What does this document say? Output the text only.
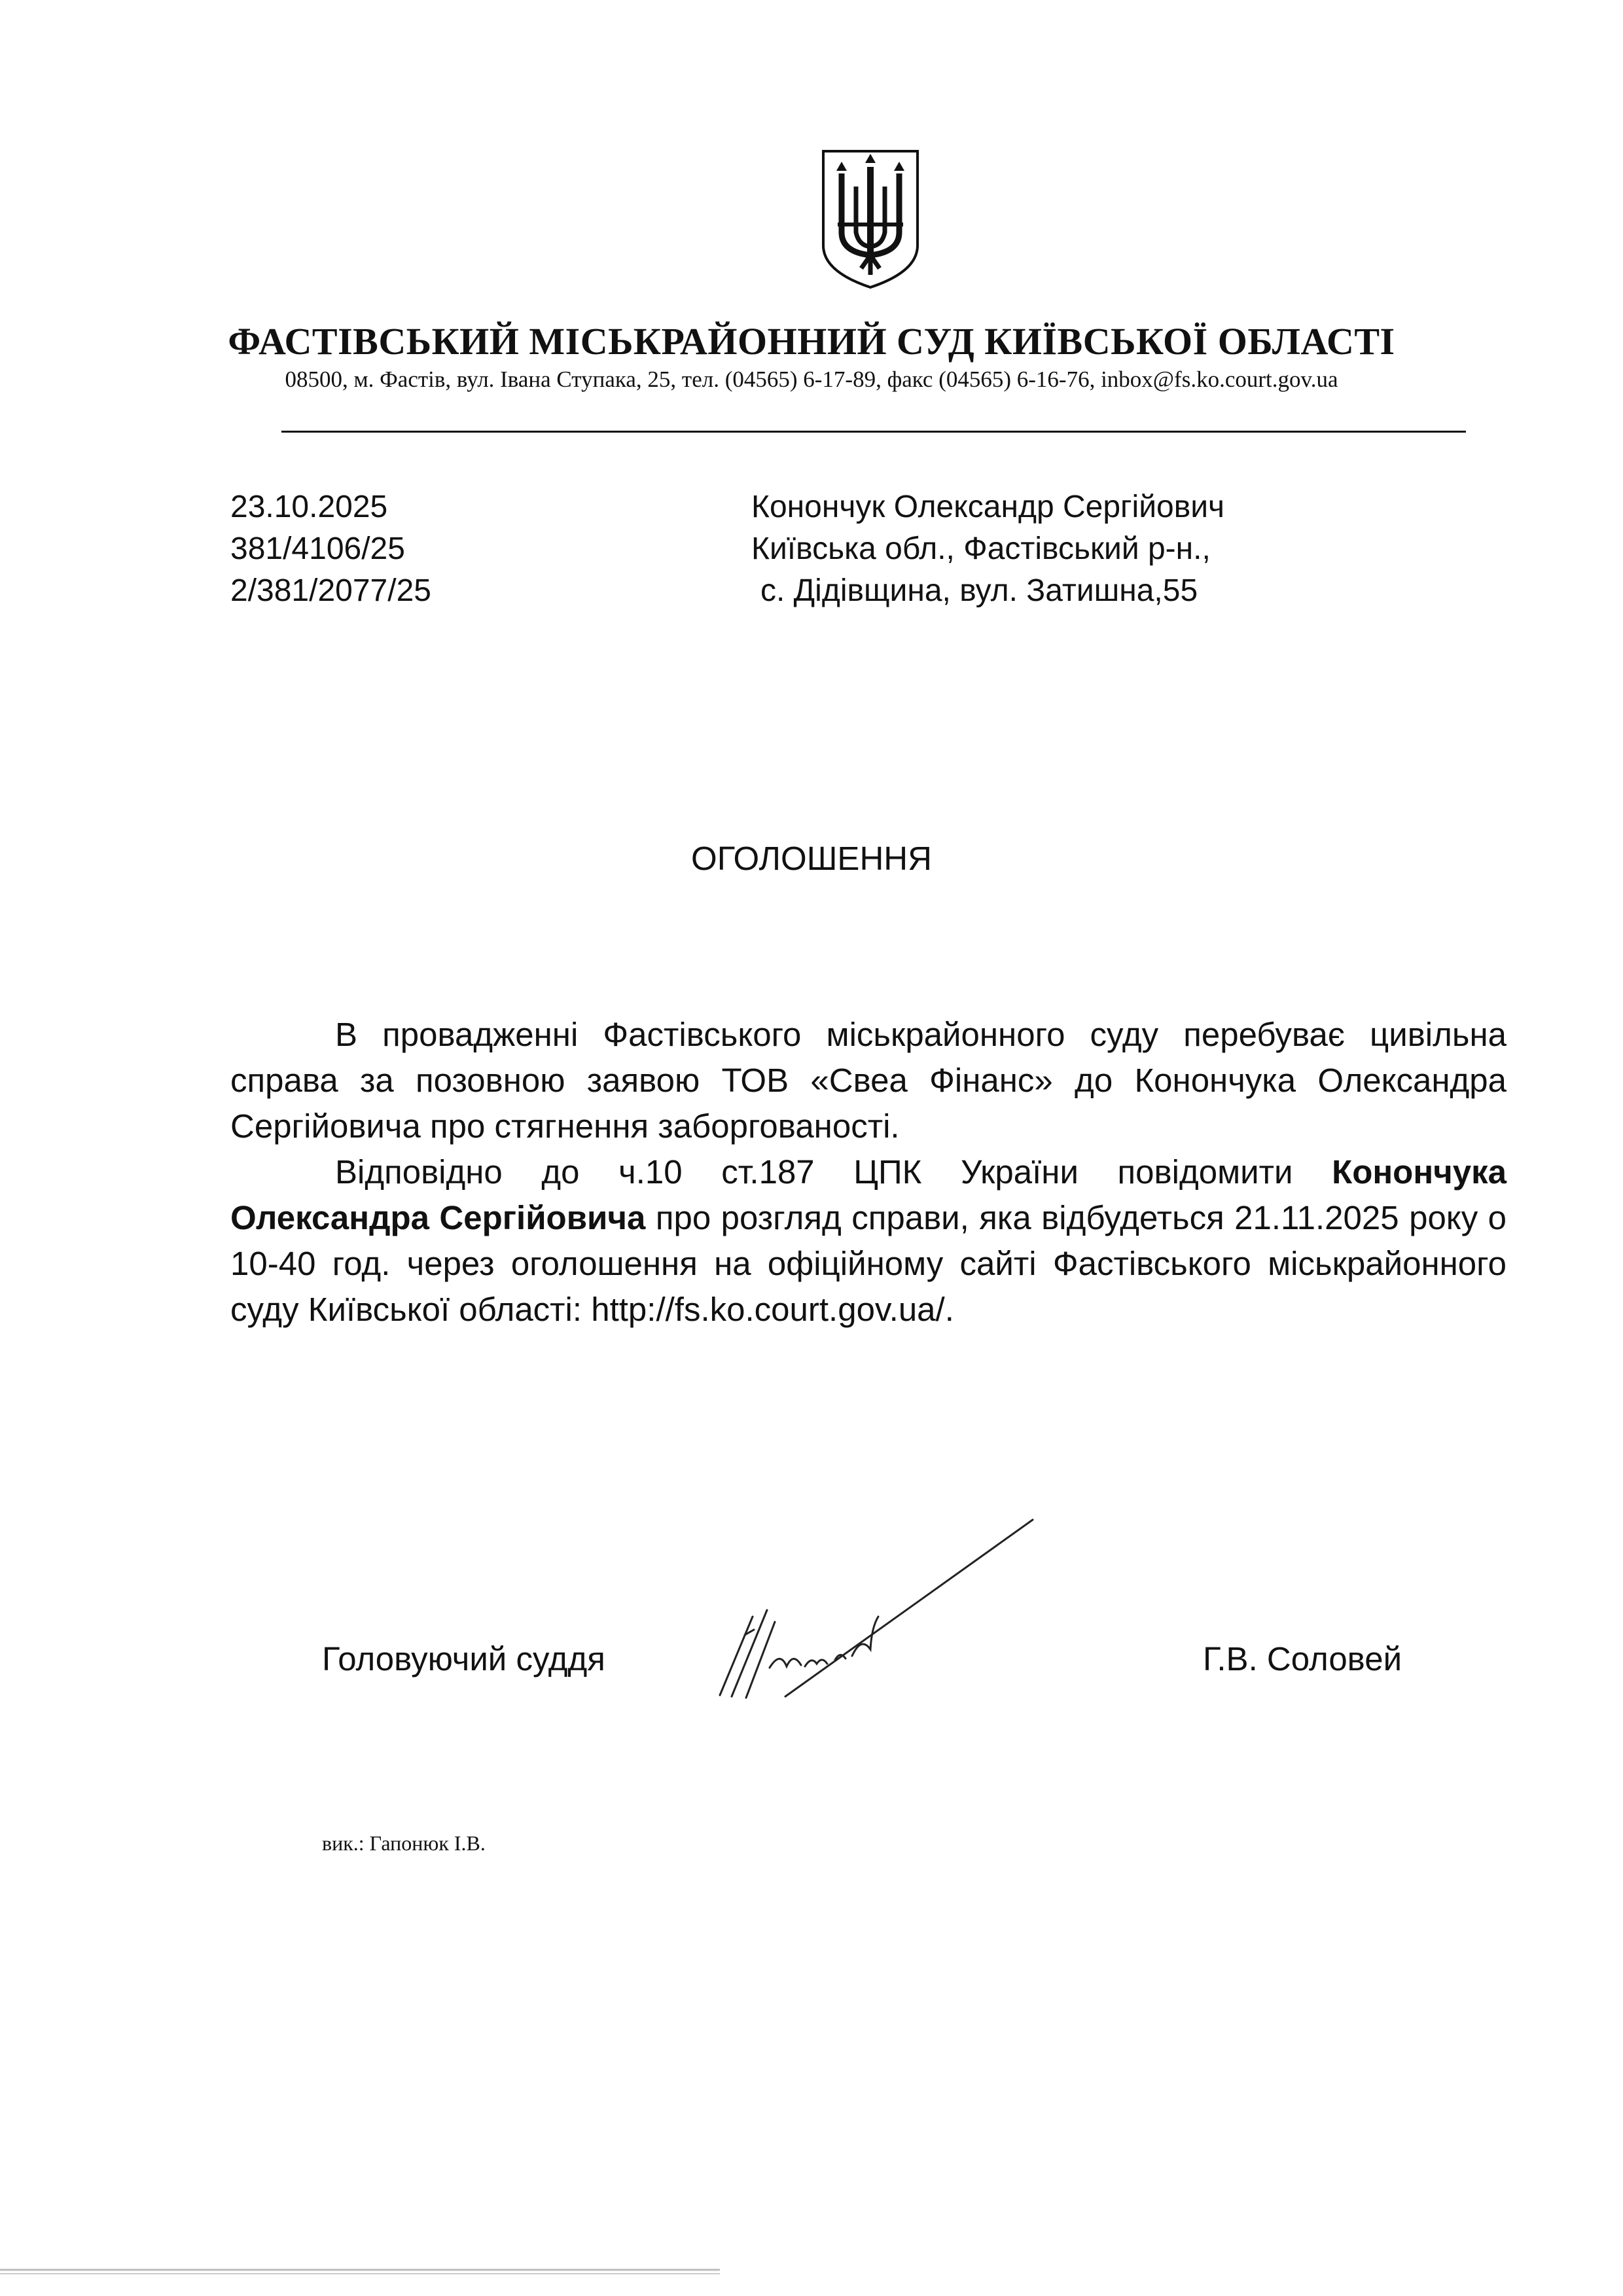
ФАСТІВСЬКИЙ МІСЬКРАЙОННИЙ СУД КИЇВСЬКОЇ ОБЛАСТІ
08500, м. Фастів, вул. Івана Ступака, 25, тел. (04565) 6-17-89, факс (04565) 6-16-76, inbox@fs.ko.court.gov.ua
23.10.2025
381/4106/25
2/381/2077/25
Конончук Олександр Сергійович
Київська обл., Фастівський р-н.,
с. Дідівщина, вул. Затишна,55
ОГОЛОШЕННЯ

В провадженні Фастівського міськрайонного суду перебуває цивільна справа за позовною заявою ТОВ «Свеа Фінанс» до Конончука Олександра Сергійовича про стягнення заборгованості.

Відповідно до ч.10 ст.187 ЦПК України повідомити Конончука Олександра Сергійовича про розгляд справи, яка відбудеться 21.11.2025 року о 10-40 год. через оголошення на офіційному сайті Фастівського міськрайонного суду Київської області: http://fs.ko.court.gov.ua/.

Головуючий суддя	Г.В. Соловей
вик.: Гапонюк І.В.
